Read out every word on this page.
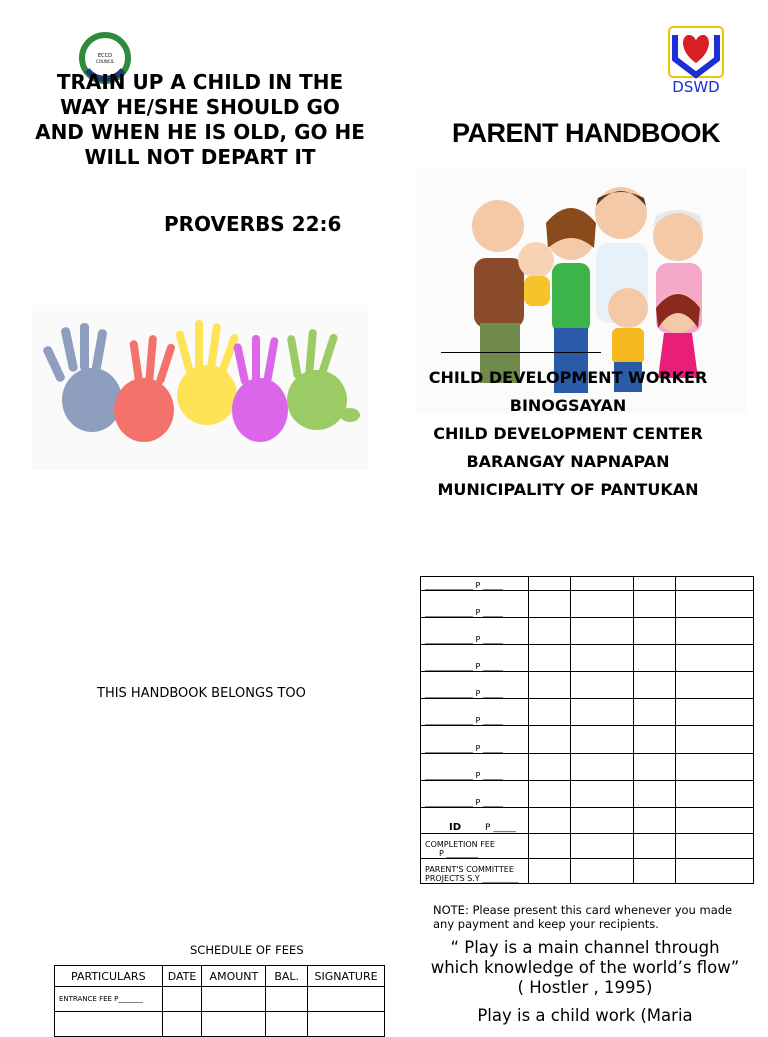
ECCD
COUNCIL
TRAIN UP A CHILD IN THE
WAY HE/SHE SHOULD GO
AND WHEN HE IS OLD, GO HE
WILL NOT DEPART IT
PROVERBS 22:6
DSWD
PARENT HANDBOOK
CHILD DEVELOPMENT WORKER
BINOGSAYAN
CHILD DEVELOPMENT CENTER
BARANGAY NAPNAPAN
MUNICIPALITY OF PANTUKAN
____________ P _____				
____________ P _____				
____________ P _____				
____________ P _____				
____________ P _____				
____________ P _____				
____________ P _____				
____________ P _____				
____________ P _____				
ID P _____				

COMPLETION FEE
P ________				

PARENT'S COMMITTEE
PROJECTS S.Y _________				

THIS HANDBOOK BELONGS TOO
NOTE: Please present this card whenever you made any payment and keep your recipients.
“ Play is a main channel through which knowledge of the world’s flow” ( Hostler , 1995)
Play is a child work (Maria
SCHEDULE OF FEES
PARTICULARS	DATE	AMOUNT	BAL.	SIGNATURE
ENTRANCE FEE P_______				
